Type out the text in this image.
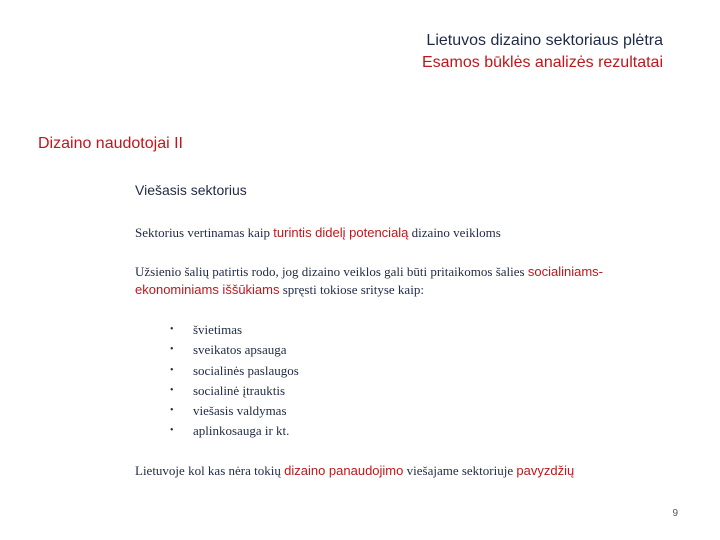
Lietuvos dizaino sektoriaus plėtra
Esamos būklės analizės rezultatai
Dizaino naudotojai II
Viešasis sektorius
Sektorius vertinamas kaip turintis didelį potencialą dizaino veikloms
Užsienio šalių patirtis rodo, jog dizaino veiklos gali būti pritaikomos šalies socialiniams-ekonominiams iššūkiams spręsti tokiose srityse kaip:
• švietimas
• sveikatos apsauga
• socialinės paslaugos
• socialinė įtrauktis
• viešasis valdymas
• aplinkosauga ir kt.
Lietuvoje kol kas nėra tokių dizaino panaudojimo viešajame sektoriuje pavyzdžių
9
